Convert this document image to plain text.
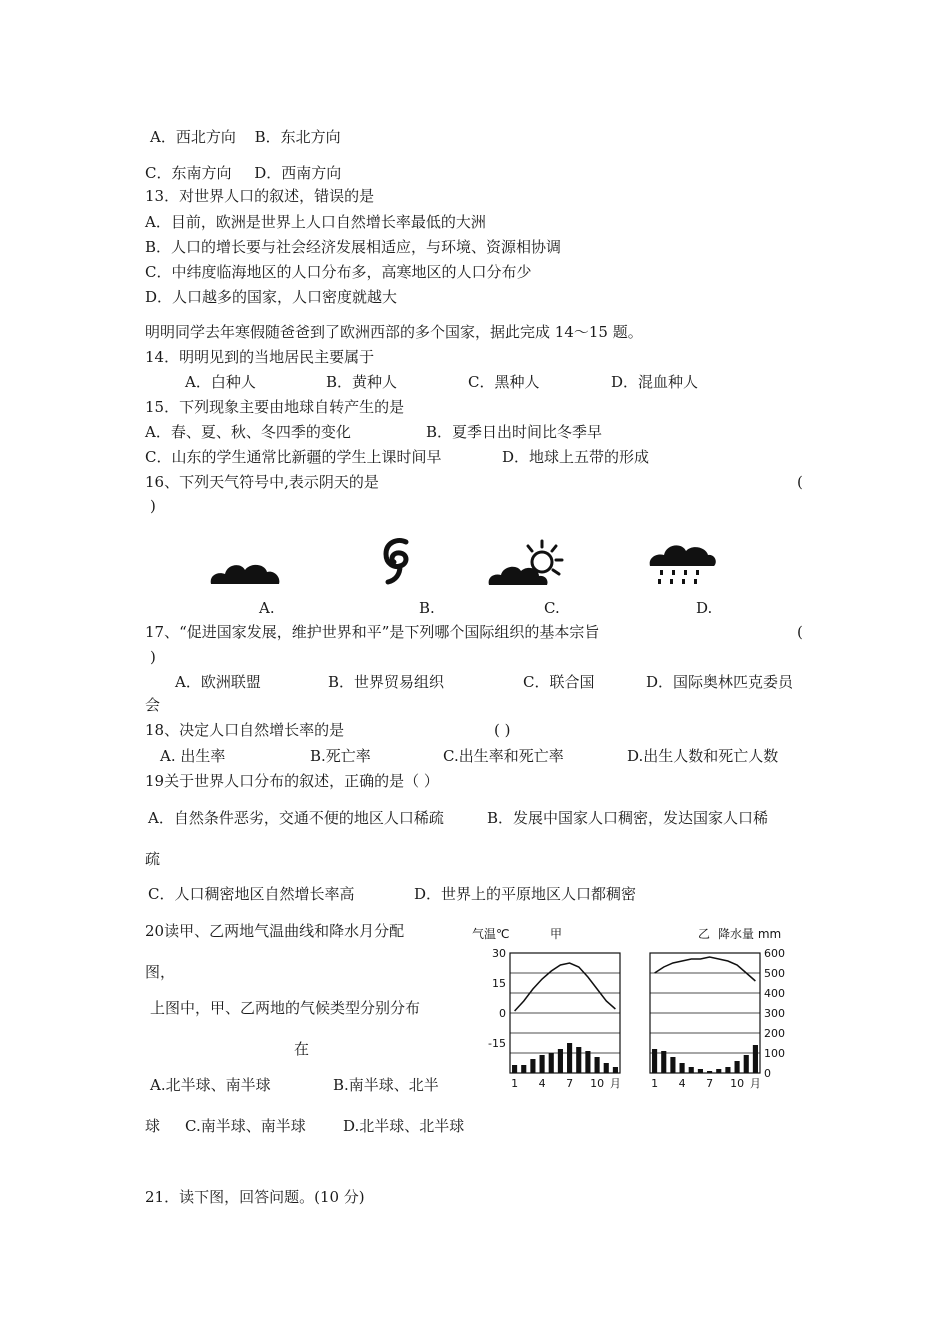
A．西北方向 B．东北方向
C．东南方向 D．西南方向
13．对世界人口的叙述，错误的是
A．目前，欧洲是世界上人口自然增长率最低的大洲
B．人口的增长要与社会经济发展相适应，与环境、资源相协调
C．中纬度临海地区的人口分布多，高寒地区的人口分布少
D．人口越多的国家，人口密度就越大
明明同学去年寒假随爸爸到了欧洲西部的多个国家，据此完成 14～15 题。
14．明明见到的当地居民主要属于
A．白种人	B．黄种人	C．黑种人	D．混血种人
15．下列现象主要由地球自转产生的是
A．春、夏、秋、冬四季的变化	B．夏季日出时间比冬季早
C．山东的学生通常比新疆的学生上课时间早	D．地球上五带的形成
16、下列天气符号中,表示阴天的是	(
)
A.	B.	C.	D.
17、“促进国家发展，维护世界和平”是下列哪个国际组织的基本宗旨	(
)
A．欧洲联盟	B．世界贸易组织	C．联合国	D．国际奥林匹克委员
会
18、决定人口自然增长率的是	( )
A. 出生率	B.死亡率	C.出生率和死亡率	D.出生人数和死亡人数
19关于世界人口分布的叙述，正确的是（ ）
A．自然条件恶劣，交通不便的地区人口稀疏	B．发展中国家人口稠密，发达国家人口稀
疏
C．人口稠密地区自然增长率高	D．世界上的平原地区人口都稠密
20读甲、乙两地气温曲线和降水月分配
图，
上图中，甲、乙两地的气候类型分别分布
在
A.北半球、南半球	B.南半球、北半
球 C.南半球、南半球 D.北半球、北半球
气温℃	降水量 mm
甲	乙
30
15
0
-15
600
500
400
300
200
100
0
1 4 7 10 月	1 4 7 10 月
21．读下图，回答问题。(10 分)
